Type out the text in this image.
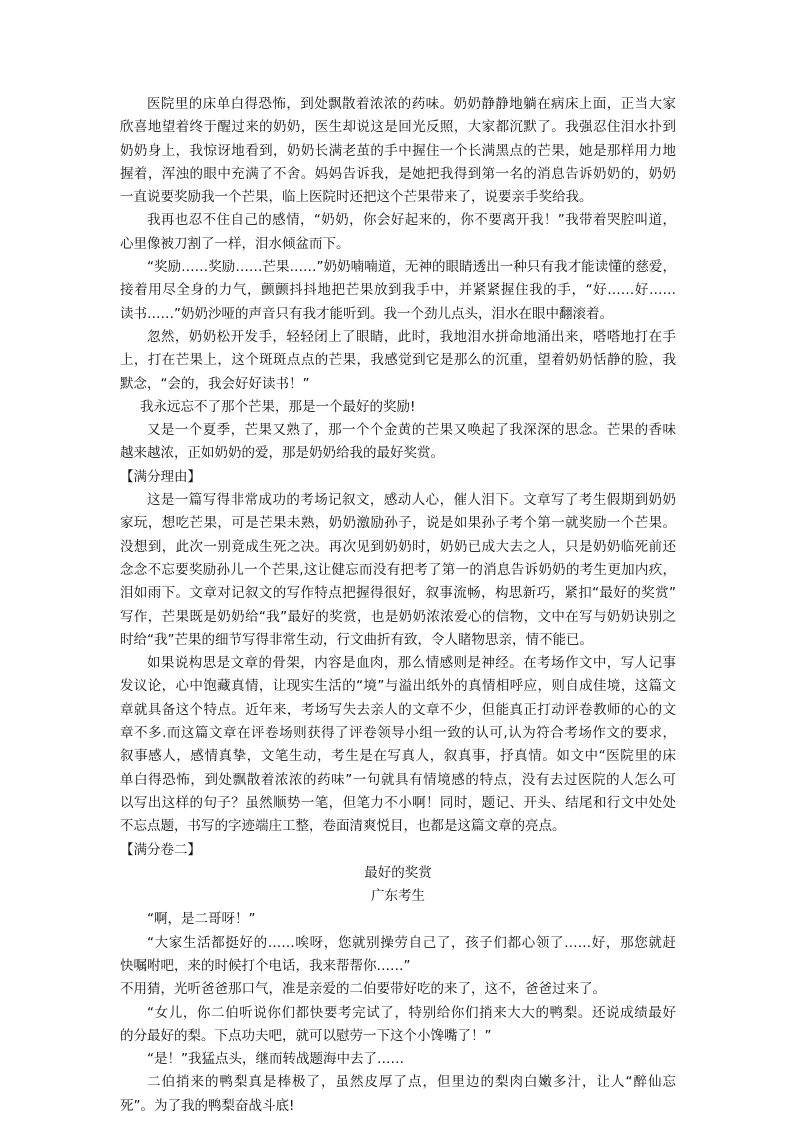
医院里的床单白得恐怖，到处飘散着浓浓的药味。奶奶静静地躺在病床上面，正当大家
欣喜地望着终于醒过来的奶奶，医生却说这是回光反照，大家都沉默了。我强忍住泪水扑到
奶奶身上，我惊讶地看到，奶奶长满老茧的手中握住一个长满黑点的芒果，她是那样用力地
握着，浑浊的眼中充满了不舍。妈妈告诉我，是她把我得到第一名的消息告诉奶奶的，奶奶
一直说要奖励我一个芒果，临上医院时还把这个芒果带来了，说要亲手奖给我。
我再也忍不住自己的感情，“奶奶，你会好起来的，你不要离开我！”我带着哭腔叫道，
心里像被刀割了一样，泪水倾盆而下。
“奖励……奖励……芒果……”奶奶喃喃道，无神的眼睛透出一种只有我才能读懂的慈爱，
接着用尽全身的力气，颤颤抖抖地把芒果放到我手中，并紧紧握住我的手，“好……好……
读书……”奶奶沙哑的声音只有我才能听到。我一个劲儿点头，泪水在眼中翻滚着。
忽然，奶奶松开发手，轻轻闭上了眼睛，此时，我地泪水拼命地涌出来，嗒嗒地打在手
上，打在芒果上，这个斑斑点点的芒果，我感觉到它是那么的沉重，望着奶奶恬静的脸，我
默念，“会的，我会好好读书！”
我永远忘不了那个芒果，那是一个最好的奖励!
又是一个夏季，芒果又熟了，那一个个金黄的芒果又唤起了我深深的思念。芒果的香味
越来越浓，正如奶奶的爱，那是奶奶给我的最好奖赏。
【满分理由】
这是一篇写得非常成功的考场记叙文，感动人心，催人泪下。文章写了考生假期到奶奶
家玩，想吃芒果，可是芒果未熟，奶奶激励孙子，说是如果孙子考个第一就奖励一个芒果。
没想到，此次一别竟成生死之决。再次见到奶奶时，奶奶已成大去之人，只是奶奶临死前还
念念不忘要奖励孙儿一个芒果,这让健忘而没有把考了第一的消息告诉奶奶的考生更加内疚，
泪如雨下。文章对记叙文的写作特点把握得很好，叙事流畅，构思新巧，紧扣“最好的奖赏”
写作，芒果既是奶奶给“我”最好的奖赏，也是奶奶浓浓爱心的信物，文中在写与奶奶诀别之
时给“我”芒果的细节写得非常生动，行文曲折有致，令人睹物思亲，情不能已。
如果说构思是文章的骨架，内容是血肉，那么情感则是神经。在考场作文中，写人记事
发议论，心中饱藏真情，让现实生活的“境”与溢出纸外的真情相呼应，则自成佳境，这篇文
章就具备这个特点。近年来，考场写失去亲人的文章不少，但能真正打动评卷教师的心的文
章不多.而这篇文章在评卷场则获得了评卷领导小组一致的认可,认为符合考场作文的要求，
叙事感人，感情真挚，文笔生动，考生是在写真人，叙真事，抒真情。如文中“医院里的床
单白得恐怖，到处飘散着浓浓的药味”一句就具有情境感的特点，没有去过医院的人怎么可
以写出这样的句子？虽然顺势一笔，但笔力不小啊！同时，题记、开头、结尾和行文中处处
不忘点题，书写的字迹端庄工整，卷面清爽悦目，也都是这篇文章的亮点。
【满分卷二】
最好的奖赏
广东考生
“啊，是二哥呀！”
“大家生活都挺好的……唉呀，您就别操劳自己了，孩子们都心领了……好，那您就赶
快嘱咐吧，来的时候打个电话，我来帮帮你……”
不用猜，光听爸爸那口气，准是亲爱的二伯要带好吃的来了，这不，爸爸过来了。
“女儿，你二伯听说你们都快要考完试了，特别给你们捎来大大的鸭梨。还说成绩最好
的分最好的梨。下点功夫吧，就可以慰劳一下这个小馋嘴了！”
“是！”我猛点头，继而转战题海中去了……
二伯捎来的鸭梨真是棒极了，虽然皮厚了点，但里边的梨肉白嫩多汁，让人“醉仙忘
死”。为了我的鸭梨奋战斗底!
